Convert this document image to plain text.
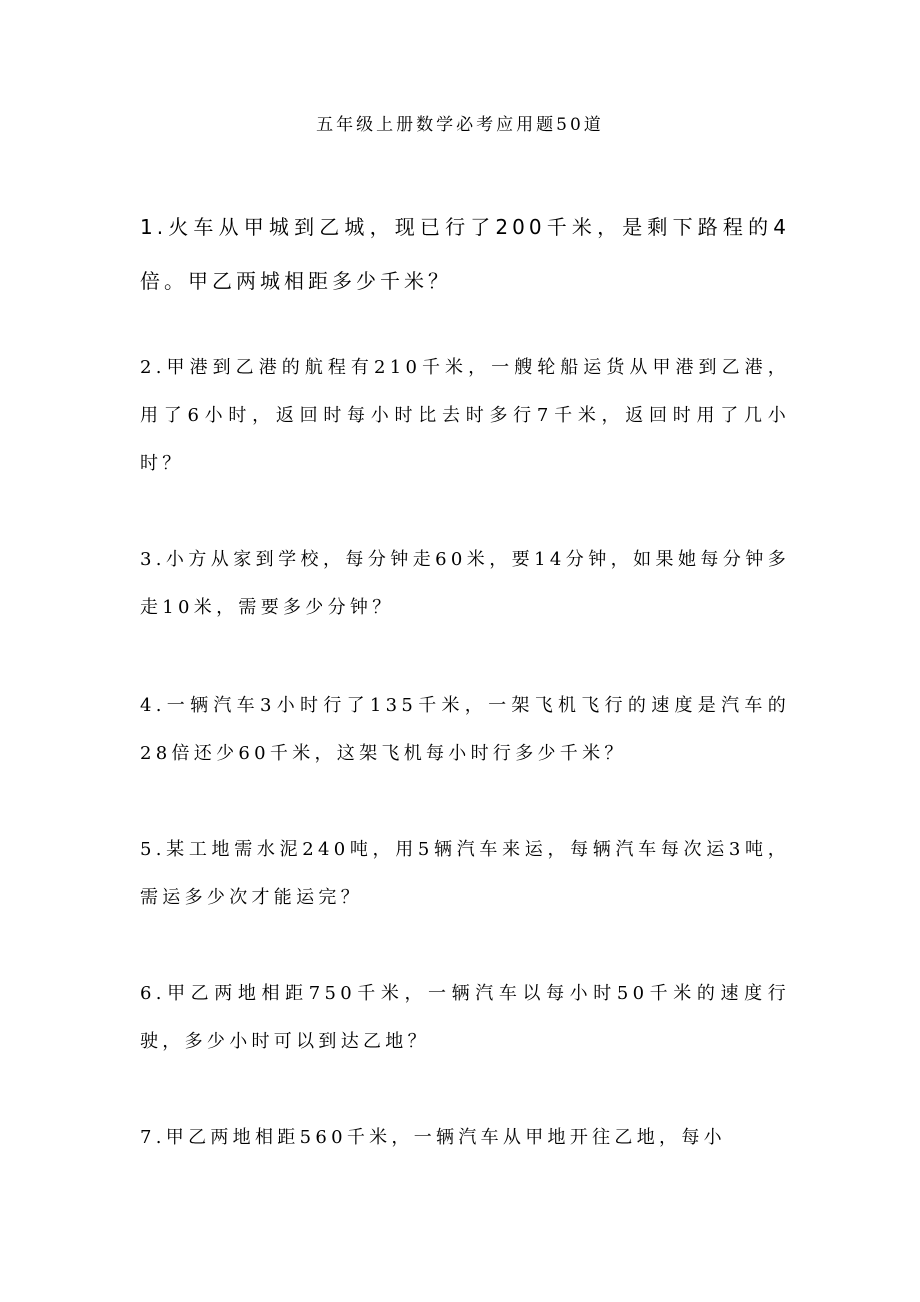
五年级上册数学必考应用题50道
1.火车从甲城到乙城，现已行了200千米，是剩下路程的4倍。甲乙两城相距多少千米？
2.甲港到乙港的航程有210千米，一艘轮船运货从甲港到乙港，用了6小时，返回时每小时比去时多行7千米，返回时用了几小时？
3.小方从家到学校，每分钟走60米，要14分钟，如果她每分钟多走10米，需要多少分钟？
4.一辆汽车3小时行了135千米，一架飞机飞行的速度是汽车的28倍还少60千米，这架飞机每小时行多少千米？
5.某工地需水泥240吨，用5辆汽车来运，每辆汽车每次运3吨，需运多少次才能运完？
6.甲乙两地相距750千米，一辆汽车以每小时50千米的速度行驶，多少小时可以到达乙地？
7.甲乙两地相距560千米，一辆汽车从甲地开往乙地，每小
